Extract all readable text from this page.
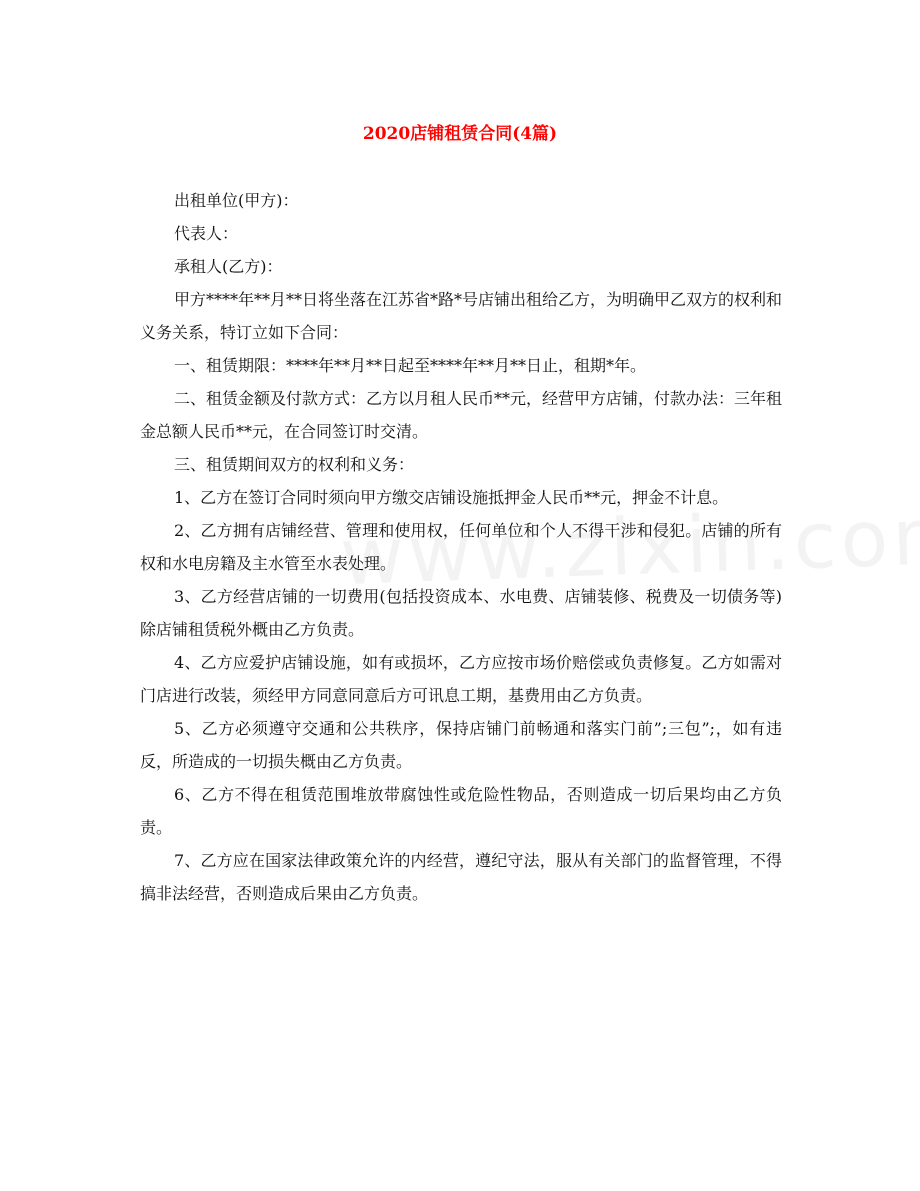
2020店铺租赁合同(4篇)

出租单位(甲方)：

代表人：

承租人(乙方)：

甲方****年**月**日将坐落在江苏省*路*号店铺出租给乙方，为明确甲乙双方的权利和义务关系，特订立如下合同：

一、租赁期限：****年**月**日起至****年**月**日止，租期*年。

二、租赁金额及付款方式：乙方以月租人民币**元，经营甲方店铺，付款办法：三年租金总额人民币**元，在合同签订时交清。

三、租赁期间双方的权利和义务：

1、乙方在签订合同时须向甲方缴交店铺设施抵押金人民币**元，押金不计息。

2、乙方拥有店铺经营、管理和使用权，任何单位和个人不得干涉和侵犯。店铺的所有权和水电房籍及主水管至水表处理。

3、乙方经营店铺的一切费用(包括投资成本、水电费、店铺装修、税费及一切债务等)除店铺租赁税外概由乙方负责。

4、乙方应爱护店铺设施，如有或损坏，乙方应按市场价赔偿或负责修复。乙方如需对门店进行改装，须经甲方同意同意后方可讯息工期，基费用由乙方负责。

5、乙方必须遵守交通和公共秩序，保持店铺门前畅通和落实门前”;三包”;，如有违反，所造成的一切损失概由乙方负责。

6、乙方不得在租赁范围堆放带腐蚀性或危险性物品，否则造成一切后果均由乙方负责。

7、乙方应在国家法律政策允许的内经营，遵纪守法，服从有关部门的监督管理，不得搞非法经营，否则造成后果由乙方负责。
